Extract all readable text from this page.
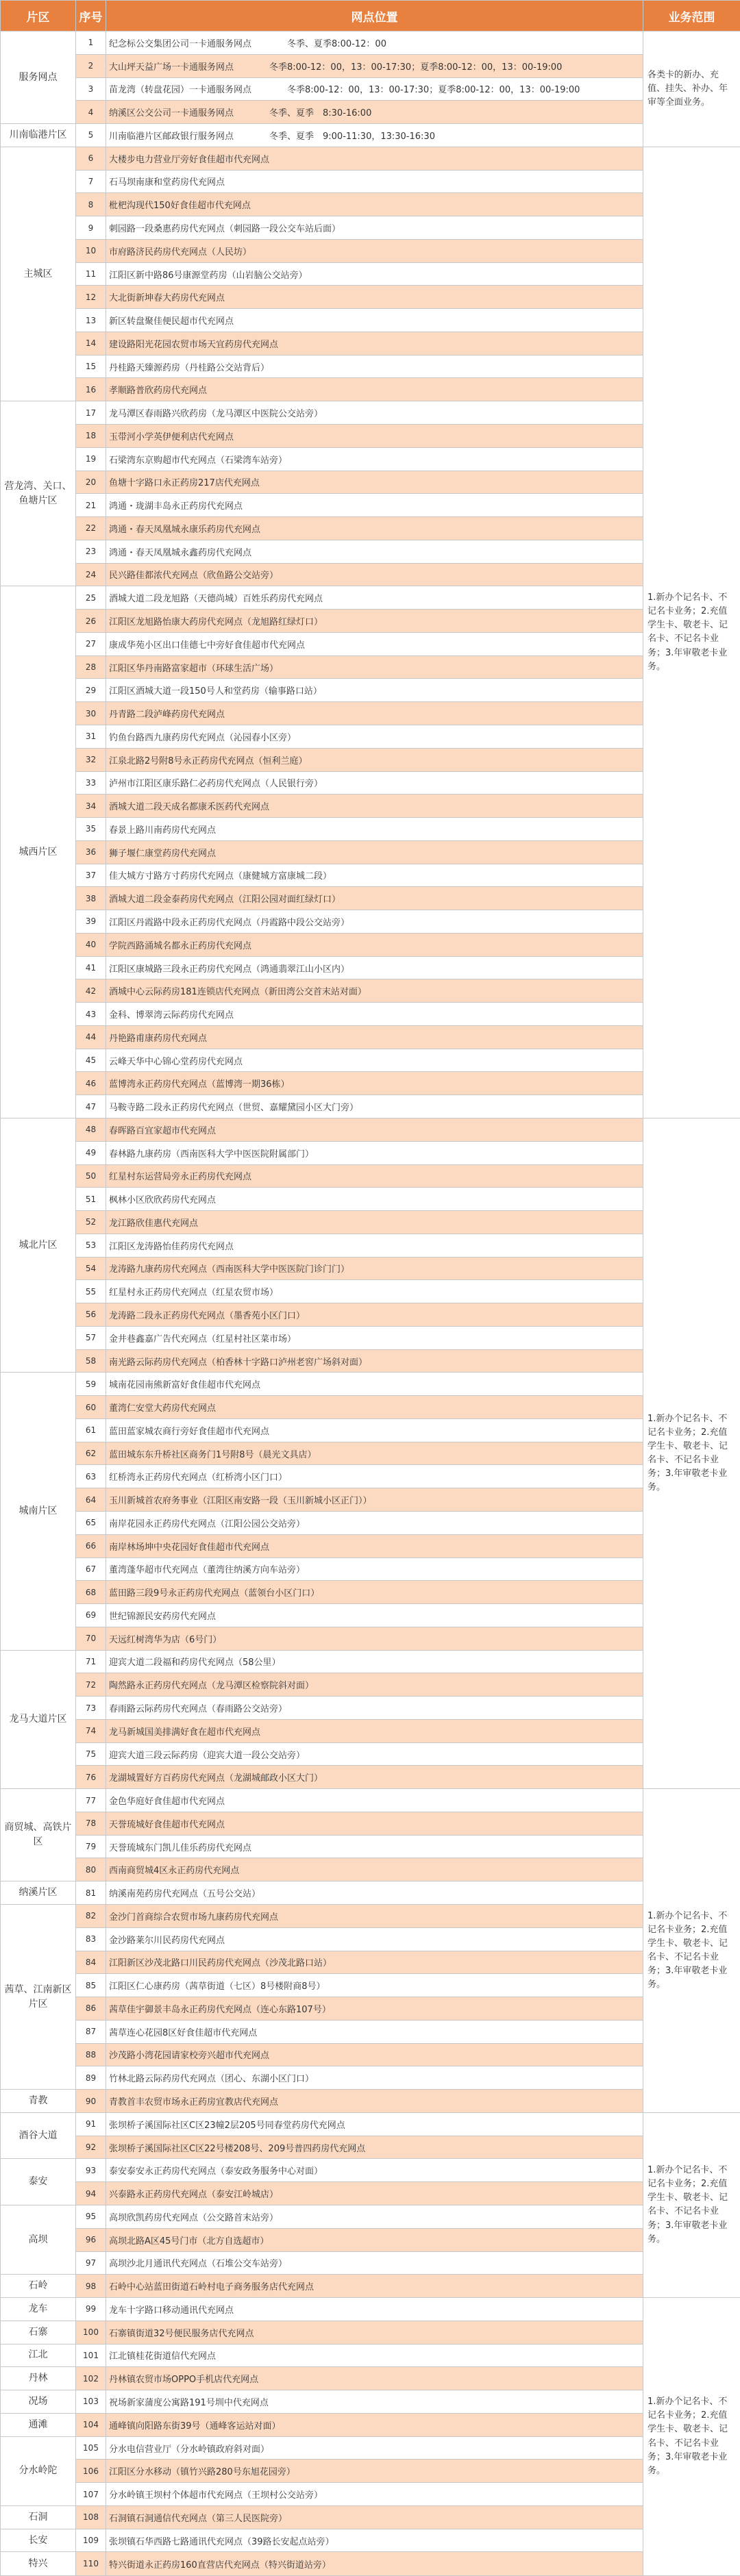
片区	序号	网点位置	业务范围
服务网点	1	纪念标公交集团公司一卡通服务网点　　　　冬季、夏季8:00-12：00	各类卡的新办、充值、挂失、补办、年审等全面业务。
	2	大山坪天益广场一卡通服务网点　　　　冬季8:00-12：00，13：00-17:30；夏季8:00-12：00，13：00-19:00	
	3	苗龙湾（转盘花园）一卡通服务网点　　　　冬季8:00-12：00，13：00-17:30；夏季8:00-12：00，13：00-19:00	
	4	纳溪区公交公司一卡通服务网点　　　　冬季、夏季　8:30-16:00	
川南临港片区	5	川南临港片区邮政银行服务网点　　　　冬季、夏季　9:00-11:30，13:30-16:30	
主城区	6	大楼步电力营业厅旁好食佳超市代充网点	1.新办个记名卡、不记名卡业务；2.充值学生卡、敬老卡、记名卡、不记名卡业务；3.年审敬老卡业务。
	7	石马坝南康和堂药房代充网点	
	8	枇杷沟现代150好食佳超市代充网点	
	9	刺园路一段桑惠药房代充网点（刺园路一段公交车站后面）	
	10	市府路济民药房代充网点（人民坊）	
	11	江阳区新中路86号康源堂药房（山岩脑公交站旁）	
	12	大北街新坤春大药房代充网点	
	13	新区转盘聚佳便民超市代充网点	
	14	建设路阳光花园农贸市场天宜药房代充网点	
	15	丹桂路天臻源药房（丹桂路公交站背后）	
	16	孝顺路普欣药房代充网点	
营龙湾、关口、鱼塘片区	17	龙马潭区春雨路兴欣药房（龙马潭区中医院公交站旁）	
	18	玉带河小学英伊便利店代充网点	
	19	石梁湾东京购超市代充网点（石梁湾车站旁）	
	20	鱼塘十字路口永正药房217店代充网点	
	21	鸿通・珑湖丰岛永正药房代充网点	
	22	鸿通・春天凤凰城永康乐药房代充网点	
	23	鸿通・春天凤凰城永鑫药房代充网点	
	24	民兴路佳都浓代充网点（欣鱼路公交站旁）	
城西片区	25	酒城大道二段龙旭路（天德尚城）百姓乐药房代充网点	
	26	江阳区龙旭路怡康大药房代充网点（龙旭路红绿灯口）	
	27	康成华苑小区出口佳德七中旁好食佳超市代充网点	
	28	江阳区华丹南路富家超市（环球生活广场）	
	29	江阳区酒城大道一段150号人和堂药房（输事路口站）	
	30	丹青路二段泸峰药房代充网点	
	31	钓鱼台路西九康药房代充网点（沁园春小区旁）	
	32	江泉北路2号附8号永正药房代充网点（恒利兰庭）	
	33	泸州市江阳区康乐路仁必药房代充网点（人民银行旁）	
	34	酒城大道二段天成名都康禾医药代充网点	
	35	春景上路川南药房代充网点	
	36	狮子堰仁康堂药房代充网点	
	37	佳大城方寸路方寸药房代充网点（康健城方富康城二段）	
	38	酒城大道二段金泰药房代充网点（江阳公园对面红绿灯口）	
	39	江阳区丹霞路中段永正药房代充网点（丹霞路中段公交站旁）	
	40	学院西路涌城名都永正药房代充网点	
	41	江阳区康城路三段永正药房代充网点（鸿通翡翠江山小区内）	
	42	酒城中心云际药房181连锁店代充网点（新田湾公交首末站对面）	
	43	金科、博翠湾云际药房代充网点	
	44	丹艳路甫康药房代充网点	
	45	云峰天华中心锦心堂药房代充网点	
	46	蓝博湾永正药房代充网点（蓝博湾一期36栋）	
	47	马鞍寺路二段永正药房代充网点（世贸、嘉耀黛园小区大门旁）	
城北片区	48	春晖路百宜家超市代充网点	1.新办个记名卡、不记名卡业务；2.充值学生卡、敬老卡、记名卡、不记名卡业务；3.年审敬老卡业务。
	49	春林路九康药房（西南医科大学中医医院附属部门）	
	50	红星村东运营局旁永正药房代充网点	
	51	枫林小区欣欣药房代充网点	
	52	龙江路欣佳惠代充网点	
	53	江阳区龙涛路怡佳药房代充网点	
	54	龙涛路九康药房代充网点（西南医科大学中医医院门诊门门）	
	55	红星村永正药房代充网点（红星农贸市场）	
	56	龙涛路二段永正药房代充网点（墨香苑小区门口）	
	57	金井巷鑫嘉广告代充网点（红星村社区菜市场）	
	58	南光路云际药房代充网点（柏香林十字路口泸州老窖广场斜对面）	
城南片区	59	城南花园南熊新富好食佳超市代充网点	
	60	董湾仁安堂大药房代充网点	
	61	蓝田蓝家城农商行旁好食佳超市代充网点	
	62	蓝田城东东升桥社区商务门1号附8号（晨光文具店）	
	63	红桥湾永正药房代充网点（红桥湾小区门口）	
	64	玉川新城首农府务事业（江阳区南安路一段（玉川新城小区正门））	
	65	南岸花园永正药房代充网点（江阳公园公交站旁）	
	66	南岸林场坤中央花园好食佳超市代充网点	
	67	董湾蓬华超市代充网点（董湾往纳溪方向车站旁）	
	68	蓝田路三段9号永正药房代充网点（蓝领台小区门口）	
	69	世纪锦源民安药房代充网点	
	70	天远红树湾华为店（6号门）	
龙马大道片区	71	迎宾大道二段福和药房代充网点（58公里）	
	72	陶然路永正药房代充网点（龙马潭区检察院斜对面）	
	73	春雨路云际药房代充网点（春雨路公交站旁）	
	74	龙马新城国美排满好食在超市代充网点	
	75	迎宾大道三段云际药房（迎宾大道一段公交站旁）	
	76	龙湖城置好方百药房代充网点（龙湖城邮政小区大门）	
商贸城、高铁片区	77	金色华庭好食佳超市代充网点	1.新办个记名卡、不记名卡业务；2.充值学生卡、敬老卡、记名卡、不记名卡业务；3.年审敬老卡业务。
	78	天誉琉城好食佳超市代充网点	
	79	天誉琉城东门凯儿佳乐药房代充网点	
	80	西南商贸城4区永正药房代充网点	
纳溪片区	81	纳溪南苑药房代充网点（五号公交站）	
茜草、江南新区片区	82	金沙门首商综合农贸市场九康药房代充网点	
	83	金沙路莱尔川民药房代充网点	
	84	江阳新区沙茂北路口川民药房代充网点（沙茂北路口站）	
	85	江阳区仁心康药房（茜草街道（七区）8号楼附商8号）	
	86	茜草佳宇御景丰岛永正药房代充网点（连心东路107号）	
	87	茜草连心花园8区好食佳超市代充网点	
	88	沙茂路小湾花园请家校旁兴超市代充网点	
	89	竹林北路云际药房代充网点（团心、东湖小区门口）	
青教	90	青教首丰农贸市场永正药房宜教店代充网点	
酒谷大道	91	张坝桥子溪国际社区C区23幢2层205号同春堂药房代充网点	1.新办个记名卡、不记名卡业务；2.充值学生卡、敬老卡、记名卡、不记名卡业务；3.年审敬老卡业务。
	92	张坝桥子溪国际社区C区22号楼208号、209号普四药房代充网点	
泰安	93	泰安泰安永正药房代充网点（泰安政务服务中心对面）	
	94	兴泰路永正药房代充网点（泰安江岭城店）	
高坝	95	高坝欣凯药房代充网点（公交路首末站旁）	
	96	高坝北路A区45号门市（北方自选超市）	
	97	高坝沙北月通讯代充网点（石堆公交车站旁）	
石岭	98	石岭中心站蓝田街道石岭村电子商务服务店代充网点	
龙车	99	龙车十字路口移动通讯代充网点	1.新办个记名卡、不记名卡业务；2.充值学生卡、敬老卡、记名卡、不记名卡业务；3.年审敬老卡业务。
石寨	100	石寨镇街道32号便民服务店代充网点	
江北	101	江北镇桂花街道信代充网点	
丹林	102	丹林镇农贸市场OPPO手机店代充网点	
况场	103	祝场新家蒲度公寓路191号圳中代充网点	
通滩	104	通峰镇向阳路东街39号（通峰客运站对面）	
分水岭陀	105	分水电信营业厅（分水岭镇政府斜对面）	
	106	江阳区分水移动（镇竹兴路280号东旭花园旁）	
	107	分水岭镇王坝村个体超市代充网点（王坝村公交站旁）	
石洞	108	石洞镇石洞通信代充网点（第三人民医院旁）	
长安	109	张坝镇石华西路七路通讯代充网点（39路长安起点站旁）	
特兴	110	特兴街道永正药房160直营店代充网点（特兴街道站旁）	
